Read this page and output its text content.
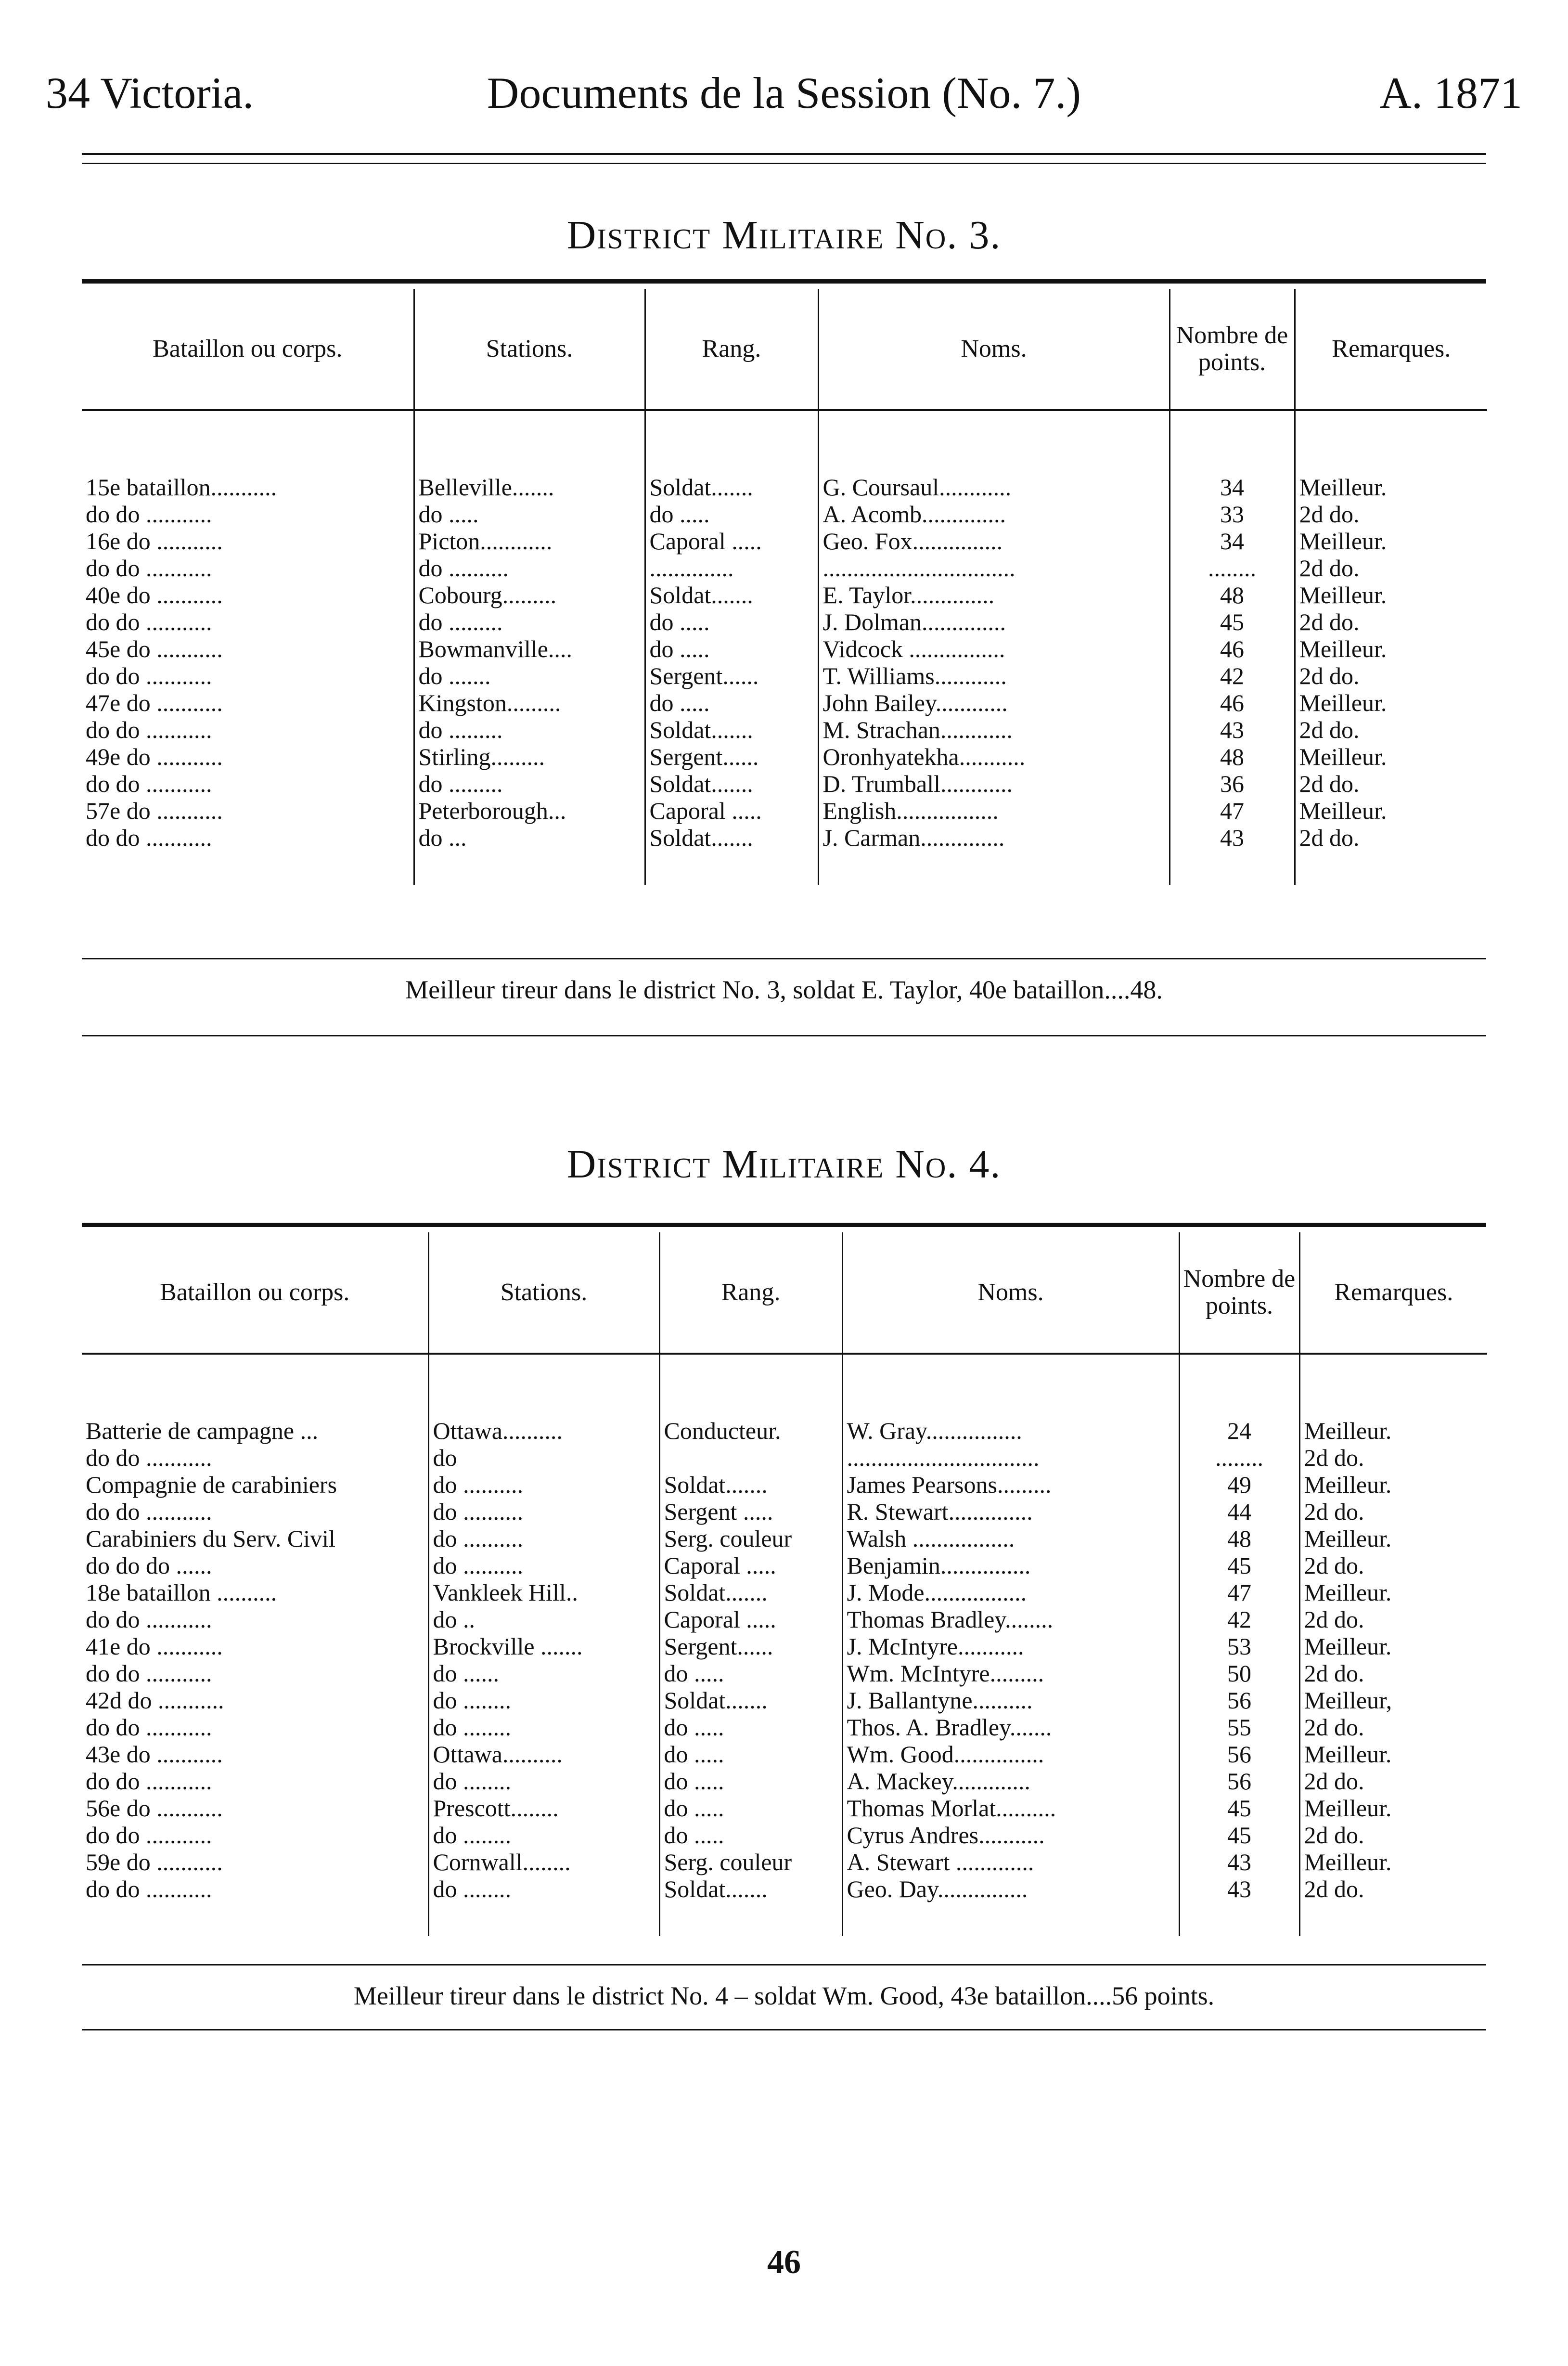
34 Victoria.	Documents de la Session (No. 7.)	A. 1871
District Militaire No. 3.
Bataillon ou corps.	Stations.	Rang.	Noms.	Nombre de points.	Remarques.

15e bataillon...........	Belleville.......	Soldat.......	G. Coursaul............	34	Meilleur.
do do ...........	do .....	do .....	A. Acomb..............	33	2d do.
16e do ...........	Picton............	Caporal .....	Geo. Fox...............	34	Meilleur.
do do ...........	do ..........	..............	................................	........	2d do.
40e do ...........	Cobourg.........	Soldat.......	E. Taylor..............	48	Meilleur.
do do ...........	do .........	do .....	J. Dolman..............	45	2d do.
45e do ...........	Bowmanville....	do .....	Vidcock ................	46	Meilleur.
do do ...........	do .......	Sergent......	T. Williams............	42	2d do.
47e do ...........	Kingston.........	do .....	John Bailey............	46	Meilleur.
do do ...........	do .........	Soldat.......	M. Strachan............	43	2d do.
49e do ...........	Stirling.........	Sergent......	Oronhyatekha...........	48	Meilleur.
do do ...........	do .........	Soldat.......	D. Trumball............	36	2d do.
57e do ...........	Peterborough...	Caporal .....	English.................	47	Meilleur.
do do ...........	do ...	Soldat.......	J. Carman..............	43	2d do.

Meilleur tireur dans le district No. 3, soldat E. Taylor, 40e bataillon....48.
District Militaire No. 4.
Bataillon ou corps.	Stations.	Rang.	Noms.	Nombre de points.	Remarques.

Batterie de campagne ...	Ottawa..........	Conducteur.	W. Gray................	24	Meilleur.
do do ...........	do		................................	........	2d do.
Compagnie de carabiniers	do ..........	Soldat.......	James Pearsons.........	49	Meilleur.
do do ...........	do ..........	Sergent .....	R. Stewart..............	44	2d do.
Carabiniers du Serv. Civil	do ..........	Serg. couleur	Walsh .................	48	Meilleur.
do do do ......	do ..........	Caporal .....	Benjamin...............	45	2d do.
18e bataillon ..........	Vankleek Hill..	Soldat.......	J. Mode.................	47	Meilleur.
do do ...........	do ..	Caporal .....	Thomas Bradley........	42	2d do.
41e do ...........	Brockville .......	Sergent......	J. McIntyre...........	53	Meilleur.
do do ...........	do ......	do .....	Wm. McIntyre.........	50	2d do.
42d do ...........	do ........	Soldat.......	J. Ballantyne..........	56	Meilleur,
do do ...........	do ........	do .....	Thos. A. Bradley.......	55	2d do.
43e do ...........	Ottawa..........	do .....	Wm. Good...............	56	Meilleur.
do do ...........	do ........	do .....	A. Mackey.............	56	2d do.
56e do ...........	Prescott........	do .....	Thomas Morlat..........	45	Meilleur.
do do ...........	do ........	do .....	Cyrus Andres...........	45	2d do.
59e do ...........	Cornwall........	Serg. couleur	A. Stewart .............	43	Meilleur.
do do ...........	do ........	Soldat.......	Geo. Day...............	43	2d do.

Meilleur tireur dans le district No. 4 – soldat Wm. Good, 43e bataillon....56 points.
46
